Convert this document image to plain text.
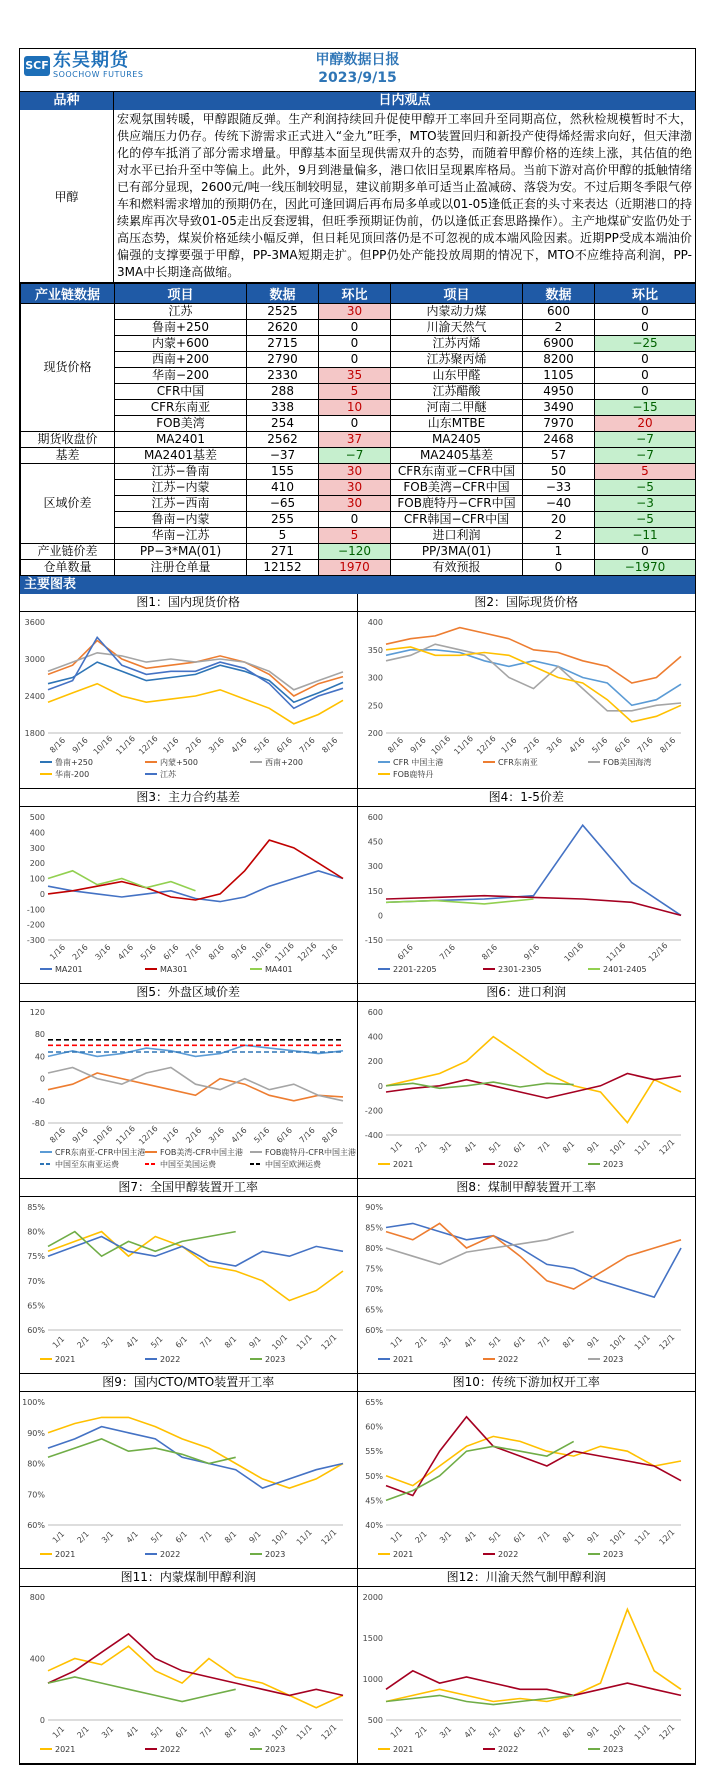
SCF 东吴期货
SOOCHOW FUTURES
甲醇数据日报
2023/9/15
品种	日内观点
甲醇
宏观氛围转暖，甲醇跟随反弹。生产利润持续回升促使甲醇开工率回升至同期高位，然秋检规模暂时不大，供应端压力仍存。传统下游需求正式进入“金九”旺季，MTO装置回归和新投产使得烯烃需求向好，但天津渤化的停车抵消了部分需求增量。甲醇基本面呈现供需双升的态势，而随着甲醇价格的连续上涨，其估值的绝对水平已抬升至中等偏上。此外，9月到港量偏多，港口依旧呈现累库格局。当前下游对高价甲醇的抵触情绪已有部分显现，2600元/吨一线压制较明显，建议前期多单可适当止盈减磅、落袋为安。不过后期冬季限气停车和燃料需求增加的预期仍在，因此可逢回调后再布局多单或以01-05逢低正套的头寸来表达（近期港口的持续累库再次导致01-05走出反套逻辑，但旺季预期证伪前，仍以逢低正套思路操作）。主产地煤矿安监仍处于高压态势，煤炭价格延续小幅反弹，但日耗见顶回落仍是不可忽视的成本端风险因素。近期PP受成本端油价偏强的支撑要强于甲醇，PP-3MA短期走扩。但PP仍处产能投放周期的情况下，MTO不应维持高利润，PP-3MA中长期逢高做缩。
产业链数据	项目	数据	环比	项目	数据	环比
现货价格	江苏	2525	30	内蒙动力煤	600	0
	鲁南+250	2620	0	川渝天然气	2	0
	内蒙+600	2715	0	江苏丙烯	6900	−25
	西南+200	2790	0	江苏聚丙烯	8200	0
	华南−200	2330	35	山东甲醛	1105	0
	CFR中国	288	5	江苏醋酸	4950	0
	CFR东南亚	338	10	河南二甲醚	3490	−15
	FOB美湾	254	0	山东MTBE	7970	20
期货收盘价	MA2401	2562	37	MA2405	2468	−7
基差	MA2401基差	−37	−7	MA2405基差	57	−7
区域价差	江苏−鲁南	155	30	CFR东南亚−CFR中国	50	5
	江苏−内蒙	410	30	FOB美湾−CFR中国	−33	−5
	江苏−西南	−65	30	FOB鹿特丹−CFR中国	−40	−3
	鲁南−内蒙	255	0	CFR韩国−CFR中国	20	−5
	华南−江苏	5	5	进口利润	2	−11
产业链价差	PP−3*MA(01)	271	−120	PP/3MA(01)	1	0
仓单数量	注册仓单量	12152	1970	有效预报	0	−1970
主要图表
图1：国内现货价格
3600
3000
2400
1800
8/16 9/16 10/16 11/16 12/16 1/16 2/16 3/16 4/16 5/16 6/16 7/16 8/16
鲁南+250	内蒙+500	西南+200
华南-200	江苏
图2：国际现货价格
400
350
300
250
200
8/16 9/16 10/16 11/16 12/16 1/16 2/16 3/16 4/16 5/16 6/16 7/16 8/16
CFR 中国主港	CFR东南亚	FOB美国海湾
FOB鹿特丹
图3：主力合约基差
500
400
300
200
100
0
-100
-200
-300
1/16 2/16 3/16 4/16 5/16 6/16 7/16 8/16 9/16 10/16 11/16 12/16 1/16
MA201	MA301	MA401
图4：1-5价差
600
450
300
150
0
-150
6/16	7/16	8/16	9/16	10/16 11/16 12/16
2201-2205	2301-2305	2401-2405
图5：外盘区域价差
120
80
40
0
-40
-80
8/16 9/16 10/16 11/16 12/16 1/16 2/16 3/16 4/16 5/16 6/16 7/16 8/16
CFR东南亚-CFR中国主港 FOB美湾-CFR中国主港	FOB鹿特丹-CFR中国主港
中国至东南亚运费	中国至美国运费	中国至欧洲运费
图6：进口利润
600
400
200
0
-200
-400
1/1 2/1 3/1 4/1 5/1 6/1 7/1 8/1 9/1 10/1 11/1 12/1
2021	2022	2023
图7：全国甲醇装置开工率
85%
80%
75%
70%
65%
60%
1/1 2/1 3/1 4/1 5/1 6/1 7/1 8/1 9/1 10/1 11/1 12/1
2021	2022	2023
图8：煤制甲醇装置开工率
90%
85%
80%
75%
70%
65%
60%
1/1 2/1 3/1 4/1 5/1 6/1 7/1 8/1 9/1 10/1 11/1 12/1
2021	2022	2023
图9：国内CTO/MTO装置开工率
100%
90%
80%
70%
60%
1/1 2/1 3/1 4/1 5/1 6/1 7/1 8/1 9/1 10/1 11/1 12/1
2021	2022	2023
图10：传统下游加权开工率
65%
60%
55%
50%
45%
40%
1/1 2/1 3/1 4/1 5/1 6/1 7/1 8/1 9/1 10/1 11/1 12/1
2021	2022	2023
图11：内蒙煤制甲醇利润
800
400
0
1/1 2/1 3/1 4/1 5/1 6/1 7/1 8/1 9/1 10/1 11/1 12/1
2021	2022	2023
图12：川渝天然气制甲醇利润
2000
1500
1000
500
1/1 2/1 3/1 4/1 5/1 6/1 7/1 8/1 9/1 10/1 11/1 12/1
2021	2022	2023
